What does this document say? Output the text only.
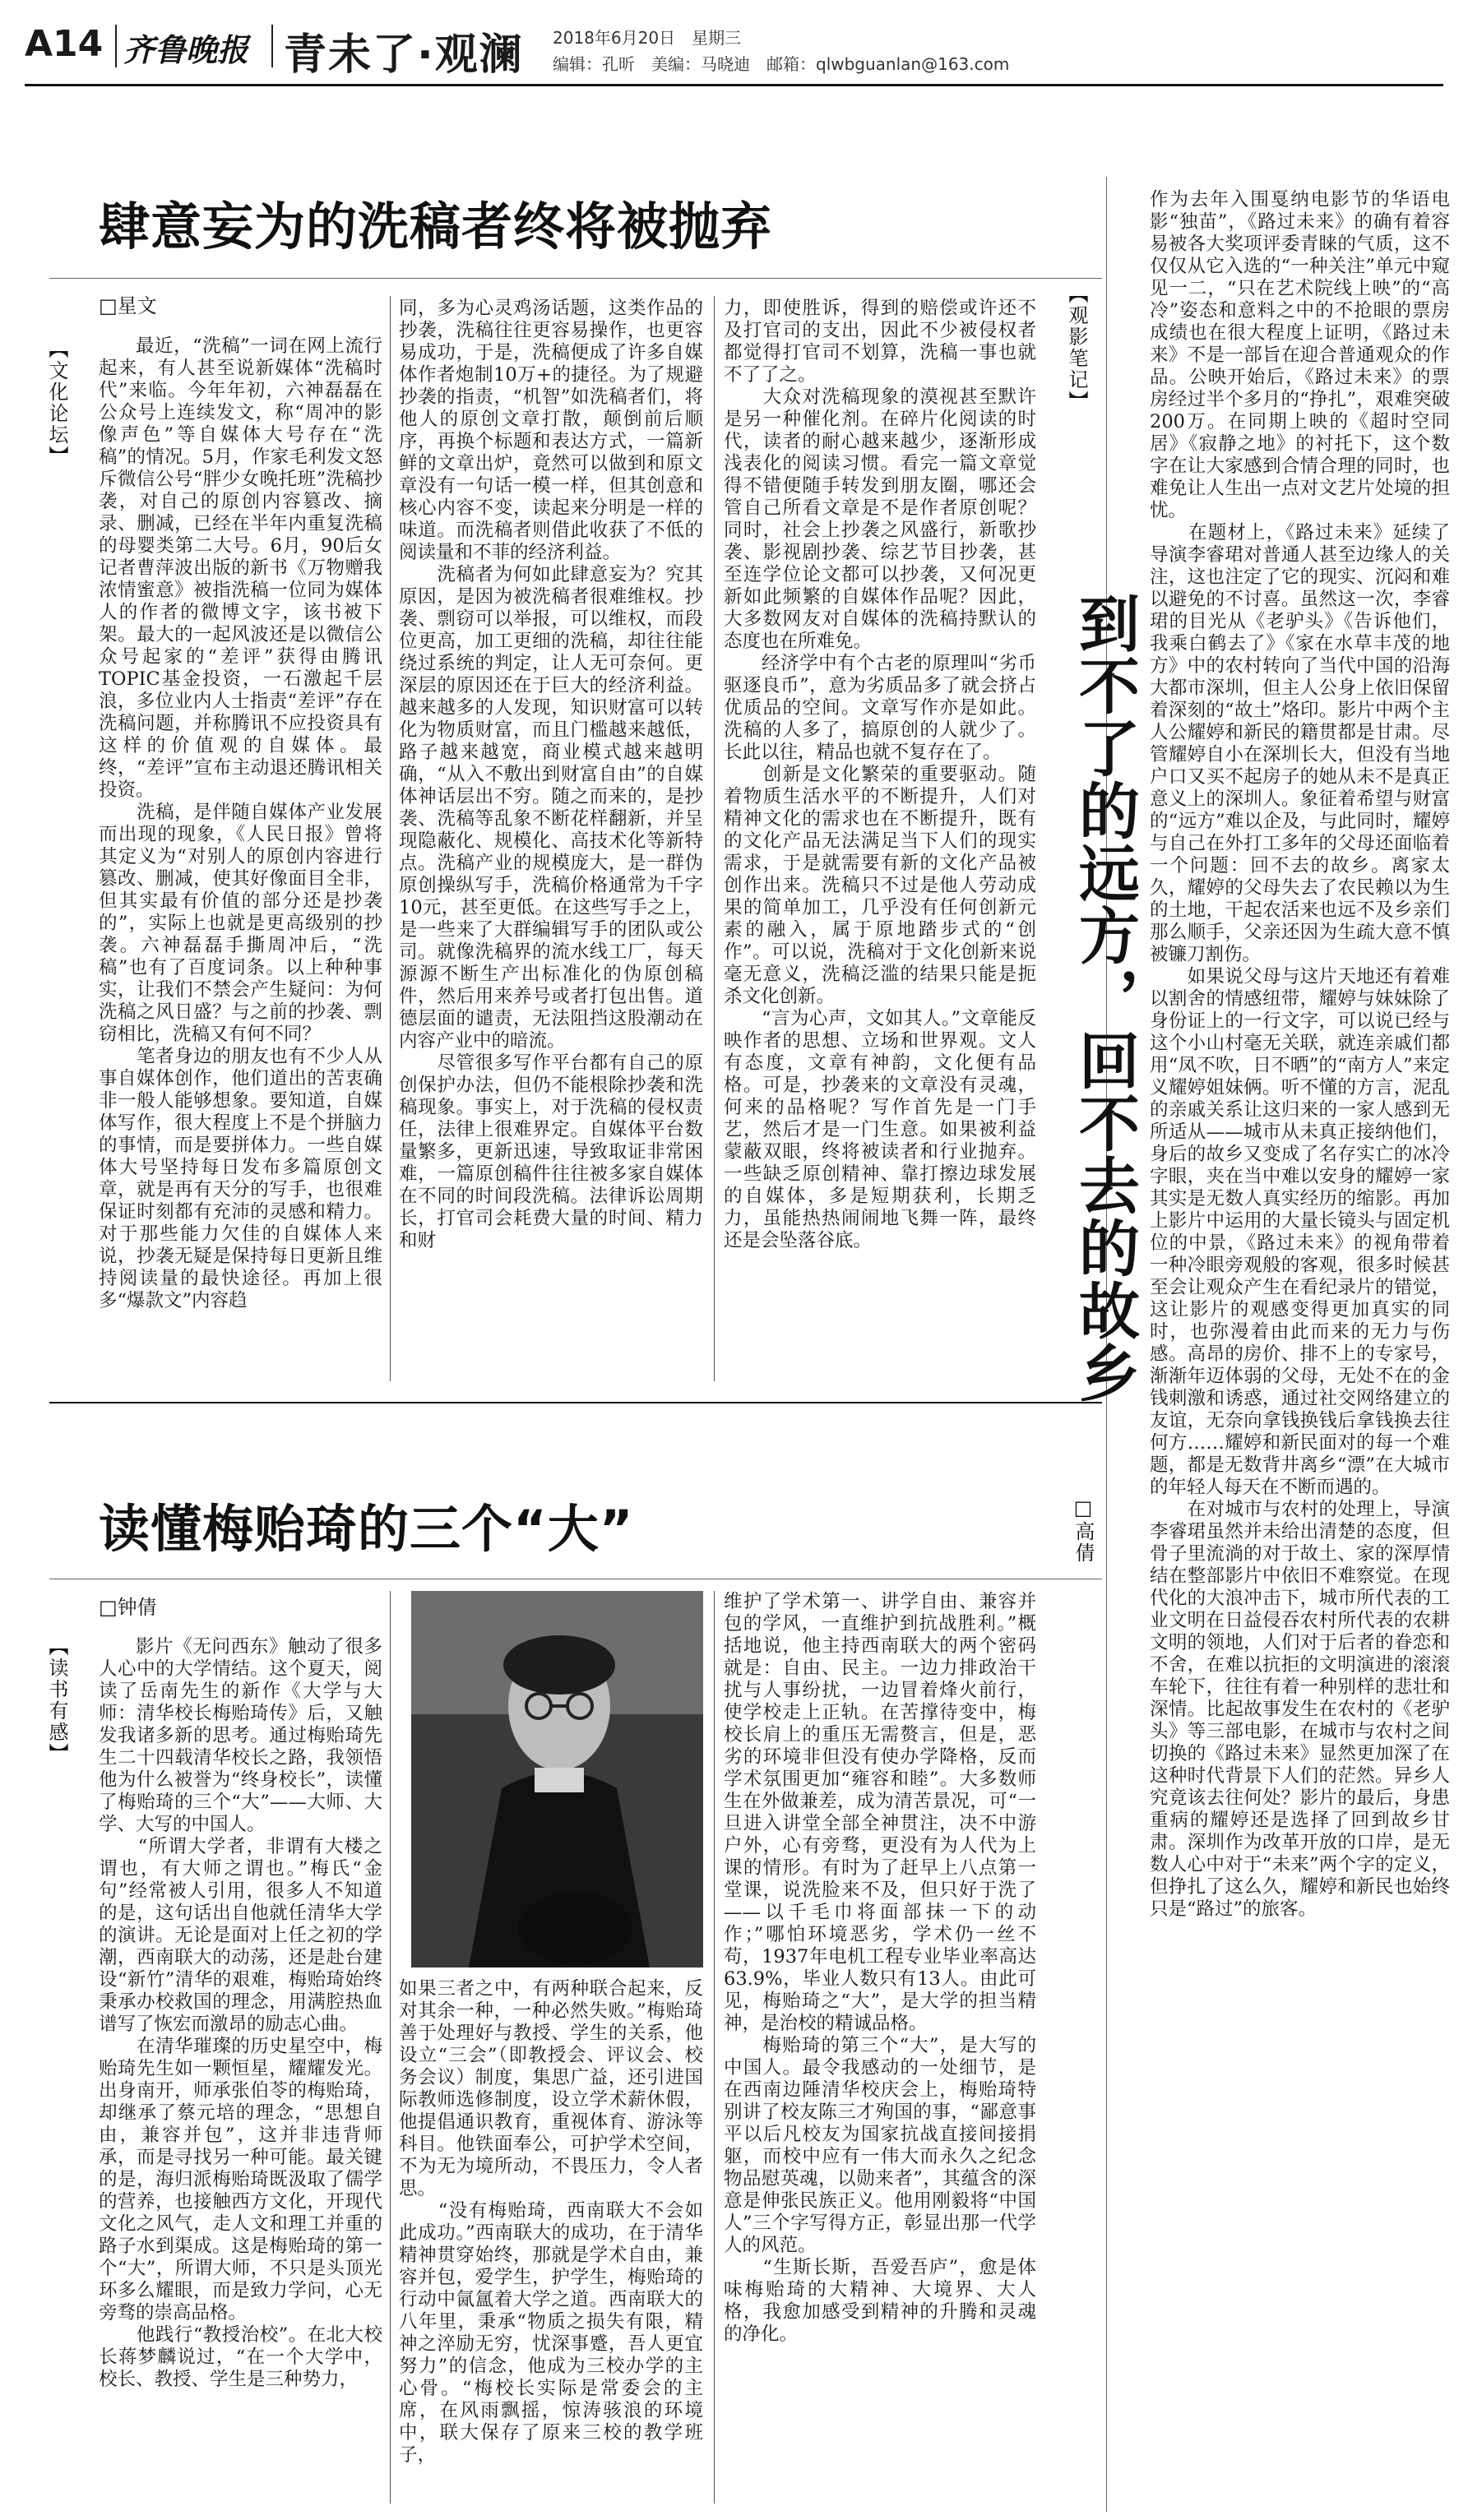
A14 齐鲁晚报 青未了·观澜 2018年6月20日　星期三
编辑：孔昕　美编：马晓迪　邮箱：qlwbguanlan@163.com
肆意妄为的洗稿者终将被抛弃
□星文
【文化论坛】	最近，“洗稿”一词在网上流行起来，有人甚至说新媒体“洗稿时代”来临。今年年初，六神磊磊在公众号上连续发文，称“周冲的影像声色”等自媒体大号存在“洗稿”的情况。5月，作家毛利发文怒斥微信公号“胖少女晚托班”洗稿抄袭，对自己的原创内容篡改、摘录、删减，已经在半年内重复洗稿的母婴类第二大号。6月，90后女记者曹萍波出版的新书《万物赠我浓情蜜意》被指洗稿一位同为媒体人的作者的微博文字，该书被下架。最大的一起风波还是以微信公众号起家的“差评”获得由腾讯TOPIC基金投资，一石激起千层浪，多位业内人士指责“差评”存在洗稿问题，并称腾讯不应投资具有这样的价值观的自媒体。最终，“差评”宣布主动退还腾讯相关投资。
　　洗稿，是伴随自媒体产业发展而出现的现象，《人民日报》曾将其定义为“对别人的原创内容进行篡改、删减，使其好像面目全非，但其实最有价值的部分还是抄袭的”，实际上也就是更高级别的抄袭。六神磊磊手撕周冲后，“洗稿”也有了百度词条。以上种种事实，让我们不禁会产生疑问：为何洗稿之风日盛？与之前的抄袭、剽窃相比，洗稿又有何不同？
　　笔者身边的朋友也有不少人从事自媒体创作，他们道出的苦衷确非一般人能够想象。要知道，自媒体写作，很大程度上不是个拼脑力的事情，而是要拼体力。一些自媒体大号坚持每日发布多篇原创文章，就是再有天分的写手，也很难保证时刻都有充沛的灵感和精力。对于那些能力欠佳的自媒体人来说，抄袭无疑是保持每日更新且维持阅读量的最快途径。再加上很多“爆款文”内容趋
同，多为心灵鸡汤话题，这类作品的抄袭，洗稿往往更容易操作，也更容易成功，于是，洗稿便成了许多自媒体作者炮制10万+的捷径。为了规避抄袭的指责，“机智”如洗稿者们，将他人的原创文章打散，颠倒前后顺序，再换个标题和表达方式，一篇新鲜的文章出炉，竟然可以做到和原文章没有一句话一模一样，但其创意和核心内容不变，读起来分明是一样的味道。而洗稿者则借此收获了不低的阅读量和不菲的经济利益。
　　洗稿者为何如此肆意妄为？究其原因，是因为被洗稿者很难维权。抄袭、剽窃可以举报，可以维权，而段位更高，加工更细的洗稿，却往往能绕过系统的判定，让人无可奈何。更深层的原因还在于巨大的经济利益。越来越多的人发现，知识财富可以转化为物质财富，而且门槛越来越低，路子越来越宽，商业模式越来越明确，“从入不敷出到财富自由”的自媒体神话层出不穷。随之而来的，是抄袭、洗稿等乱象不断花样翻新，并呈现隐蔽化、规模化、高技术化等新特点。洗稿产业的规模庞大，是一群伪原创操纵写手，洗稿价格通常为千字10元，甚至更低。在这些写手之上，是一些来了大群编辑写手的团队或公司。就像洗稿界的流水线工厂，每天源源不断生产出标准化的伪原创稿件，然后用来养号或者打包出售。道德层面的谴责，无法阻挡这股潮动在内容产业中的暗流。
　　尽管很多写作平台都有自己的原创保护办法，但仍不能根除抄袭和洗稿现象。事实上，对于洗稿的侵权责任，法律上很难界定。自媒体平台数量繁多，更新迅速，导致取证非常困难，一篇原创稿件往往被多家自媒体在不同的时间段洗稿。法律诉讼周期长，打官司会耗费大量的时间、精力和财
力，即使胜诉，得到的赔偿或许还不及打官司的支出，因此不少被侵权者都觉得打官司不划算，洗稿一事也就不了了之。
　　大众对洗稿现象的漠视甚至默许是另一种催化剂。在碎片化阅读的时代，读者的耐心越来越少，逐渐形成浅表化的阅读习惯。看完一篇文章觉得不错便随手转发到朋友圈，哪还会管自己所看文章是不是作者原创呢？同时，社会上抄袭之风盛行，新歌抄袭、影视剧抄袭、综艺节目抄袭，甚至连学位论文都可以抄袭，又何况更新如此频繁的自媒体作品呢？因此，大多数网友对自媒体的洗稿持默认的态度也在所难免。
　　经济学中有个古老的原理叫“劣币驱逐良币”，意为劣质品多了就会挤占优质品的空间。文章写作亦是如此。洗稿的人多了，搞原创的人就少了。长此以往，精品也就不复存在了。
　　创新是文化繁荣的重要驱动。随着物质生活水平的不断提升，人们对精神文化的需求也在不断提升，既有的文化产品无法满足当下人们的现实需求，于是就需要有新的文化产品被创作出来。洗稿只不过是他人劳动成果的简单加工，几乎没有任何创新元素的融入，属于原地踏步式的“创作”。可以说，洗稿对于文化创新来说毫无意义，洗稿泛滥的结果只能是扼杀文化创新。
　　“言为心声，文如其人。”文章能反映作者的思想、立场和世界观。文人有态度，文章有神韵，文化便有品格。可是，抄袭来的文章没有灵魂，何来的品格呢？写作首先是一门手艺，然后才是一门生意。如果被利益蒙蔽双眼，终将被读者和行业抛弃。一些缺乏原创精神、靠打擦边球发展的自媒体，多是短期获利，长期乏力，虽能热热闹闹地飞舞一阵，最终还是会坠落谷底。
读懂梅贻琦的三个“大”
□钟倩
【读书有感】	影片《无问西东》触动了很多人心中的大学情结。这个夏天，阅读了岳南先生的新作《大学与大师：清华校长梅贻琦传》后，又触发我诸多新的思考。通过梅贻琦先生二十四载清华校长之路，我领悟他为什么被誉为“终身校长”，读懂了梅贻琦的三个“大”——大师、大学、大写的中国人。
　　“所谓大学者，非谓有大楼之谓也，有大师之谓也。”梅氏“金句”经常被人引用，很多人不知道的是，这句话出自他就任清华大学的演讲。无论是面对上任之初的学潮，西南联大的动荡，还是赴台建设“新竹”清华的艰难，梅贻琦始终秉承办校救国的理念，用满腔热血谱写了恢宏而激昂的励志心曲。
　　在清华璀璨的历史星空中，梅贻琦先生如一颗恒星，耀耀发光。出身南开，师承张伯苓的梅贻琦，却继承了蔡元培的理念，“思想自由，兼容并包”，这并非违背师承，而是寻找另一种可能。最关键的是，海归派梅贻琦既汲取了儒学的营养，也接触西方文化，开现代文化之风气，走人文和理工并重的路子水到渠成。这是梅贻琦的第一个“大”，所谓大师，不只是头顶光环多么耀眼，而是致力学问，心无旁骛的崇高品格。
　　他践行“教授治校”。在北大校长蒋梦麟说过，“在一个大学中，校长、教授、学生是三种势力，
如果三者之中，有两种联合起来，反对其余一种，一种必然失败。”梅贻琦善于处理好与教授、学生的关系，他设立“三会”（即教授会、评议会、校务会议）制度，集思广益，还引进国际教师选修制度，设立学术薪休假，他提倡通识教育，重视体育、游泳等科目。他铁面奉公，可护学术空间，不为无为境所动，不畏压力，令人者思。
　　“没有梅贻琦，西南联大不会如此成功。”西南联大的成功，在于清华精神贯穿始终，那就是学术自由，兼容并包，爱学生，护学生，梅贻琦的行动中氤氲着大学之道。西南联大的八年里，秉承“物质之损失有限，精神之淬励无穷，忧深事蹙，吾人更宜努力”的信念，他成为三校办学的主心骨。“梅校长实际是常委会的主席，在风雨飘摇，惊涛骇浪的环境中，联大保存了原来三校的教学班子，
维护了学术第一、讲学自由、兼容并包的学风，一直维护到抗战胜利。”概括地说，他主持西南联大的两个密码就是：自由、民主。一边力排政治干扰与人事纷扰，一边冒着烽火前行，使学校走上正轨。在苦撑待变中，梅校长肩上的重压无需赘言，但是，恶劣的环境非但没有使办学降格，反而学术氛围更加“雍容和睦”。大多数师生在外做兼差，成为清苦景况，可“一旦进入讲堂全部全神贯注，决不中游户外，心有旁骛，更没有为人代为上课的情形。有时为了赶早上八点第一堂课，说洗脸来不及，但只好于洗了——以千毛巾将面部抹一下的动作；”哪怕环境恶劣，学术仍一丝不苟，1937年电机工程专业毕业率高达63.9%，毕业人数只有13人。由此可见，梅贻琦之“大”，是大学的担当精神，是治校的精诚品格。
　　梅贻琦的第三个“大”，是大写的中国人。最令我感动的一处细节，是在西南边陲清华校庆会上，梅贻琦特别讲了校友陈三才殉国的事，“鄙意事平以后凡校友为国家抗战直接间接捐躯，而校中应有一伟大而永久之纪念物品慰英魂，以勋来者”，其蕴含的深意是伸张民族正义。他用刚毅将“中国人”三个字写得方正，彰显出那一代学人的风范。
　　“生斯长斯，吾爱吾庐”，愈是体味梅贻琦的大精神、大境界、大人格，我愈加感受到精神的升腾和灵魂的净化。
【观影笔记】
到不了的远方，回不去的故乡
□高倩
作为去年入围戛纳电影节的华语电影“独苗”，《路过未来》的确有着容易被各大奖项评委青睐的气质，这不仅仅从它入选的“一种关注”单元中窥见一二，“只在艺术院线上映”的“高冷”姿态和意料之中的不抢眼的票房成绩也在很大程度上证明，《路过未来》不是一部旨在迎合普通观众的作品。公映开始后，《路过未来》的票房经过半个多月的“挣扎”，艰难突破200万。在同期上映的《超时空同居》《寂静之地》的衬托下，这个数字在让大家感到合情合理的同时，也难免让人生出一点对文艺片处境的担忧。
　　在题材上，《路过未来》延续了导演李睿珺对普通人甚至边缘人的关注，这也注定了它的现实、沉闷和难以避免的不讨喜。虽然这一次，李睿珺的目光从《老驴头》《告诉他们，我乘白鹤去了》《家在水草丰茂的地方》中的农村转向了当代中国的沿海大都市深圳，但主人公身上依旧保留着深刻的“故土”烙印。影片中两个主人公耀婷和新民的籍贯都是甘肃。尽管耀婷自小在深圳长大，但没有当地户口又买不起房子的她从未不是真正意义上的深圳人。象征着希望与财富的“远方”难以企及，与此同时，耀婷与自己在外打工多年的父母还面临着一个问题：回不去的故乡。离家太久，耀婷的父母失去了农民赖以为生的土地，干起农活来也远不及乡亲们那么顺手，父亲还因为生疏大意不慎被镰刀割伤。
　　如果说父母与这片天地还有着难以割舍的情感纽带，耀婷与妹妹除了身份证上的一行文字，可以说已经与这个小山村毫无关联，就连亲戚们都用“凤不吹，日不晒”的“南方人”来定义耀婷姐妹俩。听不懂的方言，泥乱的亲戚关系让这归来的一家人感到无所适从——城市从未真正接纳他们，身后的故乡又变成了名存实亡的冰冷字眼，夹在当中难以安身的耀婷一家其实是无数人真实经历的缩影。再加上影片中运用的大量长镜头与固定机位的中景，《路过未来》的视角带着一种冷眼旁观般的客观，很多时候甚至会让观众产生在看纪录片的错觉，这让影片的观感变得更加真实的同时，也弥漫着由此而来的无力与伤感。高昂的房价、排不上的专家号，渐渐年迈体弱的父母，无处不在的金钱刺激和诱惑，通过社交网络建立的友谊，无奈向拿钱换钱后拿钱换去往何方……耀婷和新民面对的每一个难题，都是无数背井离乡“漂”在大城市的年轻人每天在不断而遇的。
　　在对城市与农村的处理上，导演李睿珺虽然并未给出清楚的态度，但骨子里流淌的对于故土、家的深厚情结在整部影片中依旧不难察觉。在现代化的大浪冲击下，城市所代表的工业文明在日益侵吞农村所代表的农耕文明的领地，人们对于后者的眷恋和不舍，在难以抗拒的文明演进的滚滚车轮下，往往有着一种别样的悲壮和深情。比起故事发生在农村的《老驴头》等三部电影，在城市与农村之间切换的《路过未来》显然更加深了在这种时代背景下人们的茫然。异乡人究竟该去往何处？影片的最后，身患重病的耀婷还是选择了回到故乡甘肃。深圳作为改革开放的口岸，是无数人心中对于“未来”两个字的定义，但挣扎了这么久，耀婷和新民也始终只是“路过”的旅客。
